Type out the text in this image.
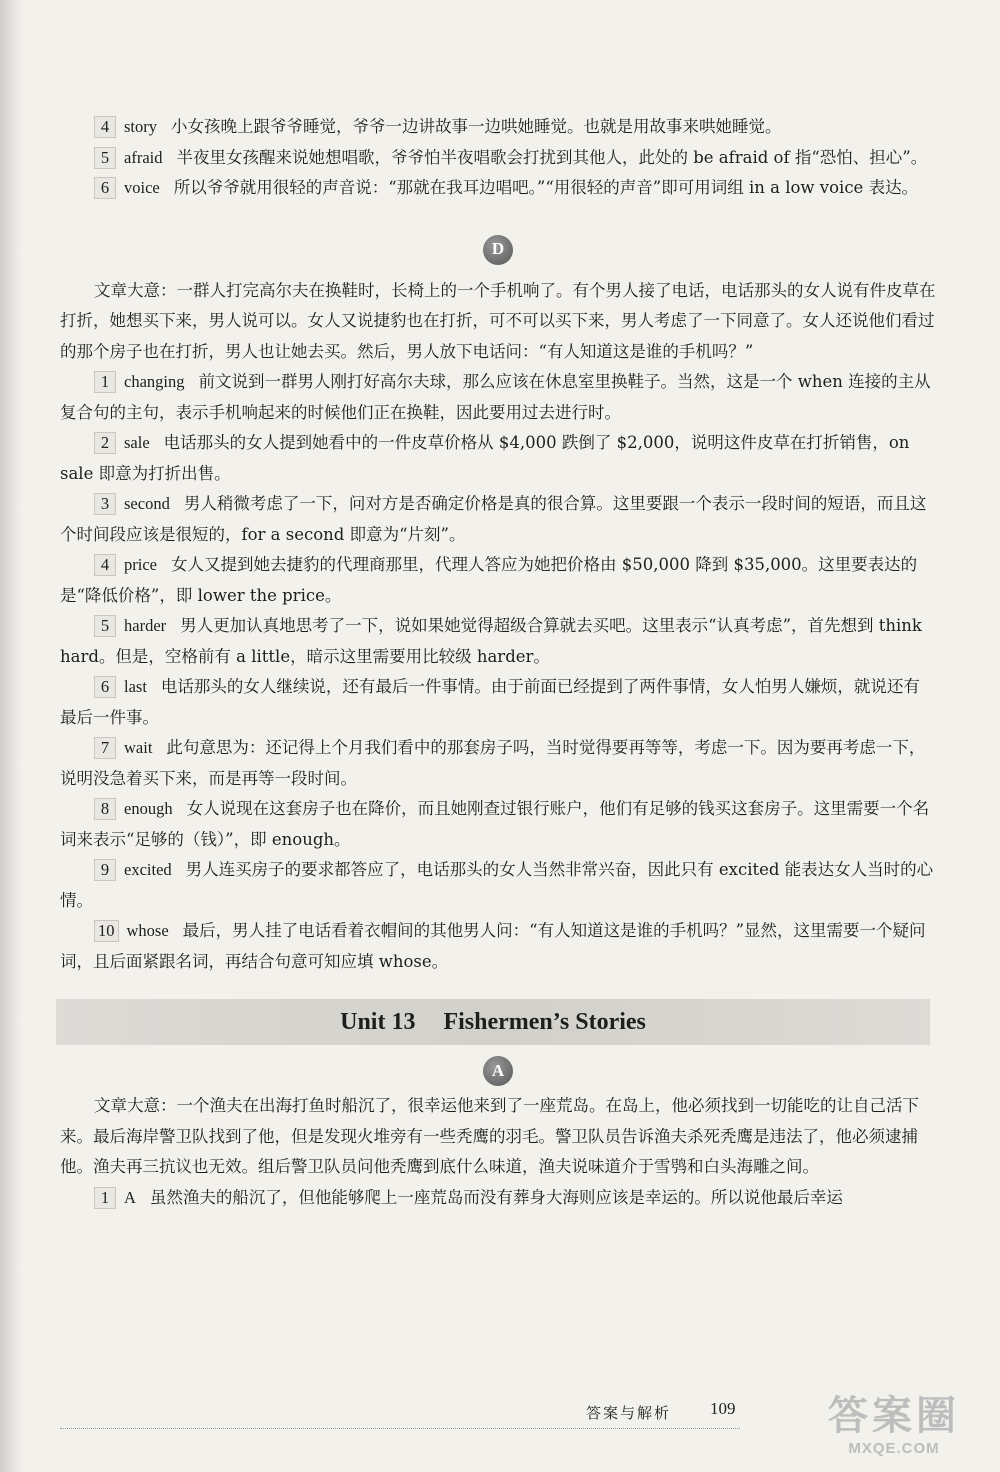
4 story 小女孩晚上跟爷爷睡觉，爷爷一边讲故事一边哄她睡觉。也就是用故事来哄她睡觉。

5 afraid 半夜里女孩醒来说她想唱歌，爷爷怕半夜唱歌会打扰到其他人，此处的 be afraid of 指“恐怕、担心”。

6 voice 所以爷爷就用很轻的声音说：“那就在我耳边唱吧。”“用很轻的声音”即可用词组 in a low voice 表达。

D

文章大意：一群人打完高尔夫在换鞋时，长椅上的一个手机响了。有个男人接了电话，电话那头的女人说有件皮草在打折，她想买下来，男人说可以。女人又说捷豹也在打折，可不可以买下来，男人考虑了一下同意了。女人还说他们看过的那个房子也在打折，男人也让她去买。然后，男人放下电话问：“有人知道这是谁的手机吗？”

1 changing 前文说到一群男人刚打好高尔夫球，那么应该在休息室里换鞋子。当然，这是一个 when 连接的主从复合句的主句，表示手机响起来的时候他们正在换鞋，因此要用过去进行时。

2 sale 电话那头的女人提到她看中的一件皮草价格从 $4,000 跌倒了 $2,000，说明这件皮草在打折销售，on sale 即意为打折出售。

3 second 男人稍微考虑了一下，问对方是否确定价格是真的很合算。这里要跟一个表示一段时间的短语，而且这个时间段应该是很短的，for a second 即意为“片刻”。

4 price 女人又提到她去捷豹的代理商那里，代理人答应为她把价格由 $50,000 降到 $35,000。这里要表达的是“降低价格”，即 lower the price。

5 harder 男人更加认真地思考了一下，说如果她觉得超级合算就去买吧。这里表示“认真考虑”，首先想到 think hard。但是，空格前有 a little，暗示这里需要用比较级 harder。

6 last 电话那头的女人继续说，还有最后一件事情。由于前面已经提到了两件事情，女人怕男人嫌烦，就说还有最后一件事。

7 wait 此句意思为：还记得上个月我们看中的那套房子吗，当时觉得要再等等，考虑一下。因为要再考虑一下，说明没急着买下来，而是再等一段时间。

8 enough 女人说现在这套房子也在降价，而且她刚查过银行账户，他们有足够的钱买这套房子。这里需要一个名词来表示“足够的（钱）”，即 enough。

9 excited 男人连买房子的要求都答应了，电话那头的女人当然非常兴奋，因此只有 excited 能表达女人当时的心情。

10 whose 最后，男人挂了电话看着衣帽间的其他男人问：“有人知道这是谁的手机吗？”显然，这里需要一个疑问词，且后面紧跟名词，再结合句意可知应填 whose。

Unit 13 Fishermen’s Stories
A

文章大意：一个渔夫在出海打鱼时船沉了，很幸运他来到了一座荒岛。在岛上，他必须找到一切能吃的让自己活下来。最后海岸警卫队找到了他，但是发现火堆旁有一些秃鹰的羽毛。警卫队员告诉渔夫杀死秃鹰是违法了，他必须逮捕他。渔夫再三抗议也无效。组后警卫队员问他秃鹰到底什么味道，渔夫说味道介于雪鸮和白头海雕之间。

1 A 虽然渔夫的船沉了，但他能够爬上一座荒岛而没有葬身大海则应该是幸运的。所以说他最后幸运

答案与解析 109	答案圈
MXQE.COM
